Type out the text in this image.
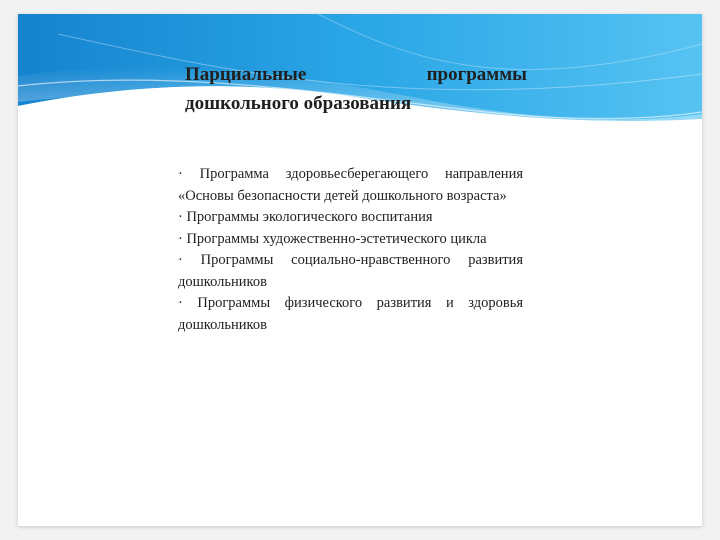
Парциальные	программы
дошкольного образования

· Программа здоровьесберегающего направления «Основы безопасности детей дошкольного возраста»

· Программы экологического воспитания

· Программы художественно-эстетического цикла

· Программы социально-нравственного развития дошкольников

· Программы физического развития и здоровья дошкольников
